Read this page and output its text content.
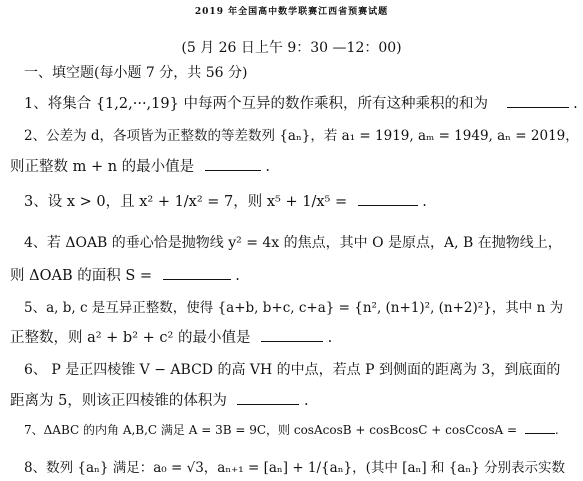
2019 年全国高中数学联赛江西省预赛试题
(5 月 26 日上午 9：30 —12：00)
一、填空题(每小题 7 分，共 56 分)
1、将集合 {1,2,···,19} 中每两个互异的数作乘积，所有这种乘积的和为	.
2、公差为 d，各项皆为正整数的等差数列 {aₙ}，若 a₁ = 1919, aₘ = 1949, aₙ = 2019，
则正整数 m + n 的最小值是	.
3、设 x > 0，且 x² + 1/x² = 7，则 x⁵ + 1/x⁵ =	.
4、若 ΔOAB 的垂心恰是抛物线 y² = 4x 的焦点，其中 O 是原点，A, B 在抛物线上，
则 ΔOAB 的面积 S =	.
5、a, b, c 是互异正整数，使得 {a+b, b+c, c+a} = {n², (n+1)², (n+2)²}，其中 n 为
正整数，则 a² + b² + c² 的最小值是	.
6、 P 是正四棱锥 V − ABCD 的高 VH 的中点，若点 P 到侧面的距离为 3，到底面的
距离为 5，则该正四棱锥的体积为	.
7、ΔABC 的内角 A,B,C 满足 A = 3B = 9C，则 cosAcosB + cosBcosC + cosCcosA =	.
8、数列 {aₙ} 满足：a₀ = √3，aₙ₊₁ = [aₙ] + 1/{aₙ}，(其中 [aₙ] 和 {aₙ} 分别表示实数
